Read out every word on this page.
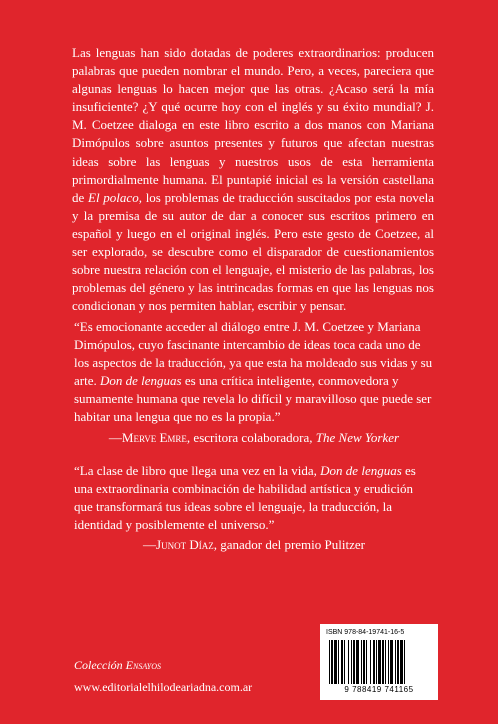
Las lenguas han sido dotadas de poderes extraordinarios: producen palabras que pueden nombrar el mundo. Pero, a veces, pareciera que algunas lenguas lo hacen mejor que las otras. ¿Acaso será la mía insuficiente? ¿Y qué ocurre hoy con el inglés y su éxito mundial? J. M. Coetzee dialoga en este libro escrito a dos manos con Mariana Dimópulos sobre asuntos presentes y futuros que afectan nuestras ideas sobre las lenguas y nuestros usos de esta herramienta primordialmente humana. El puntapié inicial es la versión castellana de El polaco, los problemas de traducción suscitados por esta novela y la premisa de su autor de dar a conocer sus escritos primero en español y luego en el original inglés. Pero este gesto de Coetzee, al ser explorado, se descubre como el disparador de cuestionamientos sobre nuestra relación con el lenguaje, el misterio de las palabras, los problemas del género y las intrincadas formas en que las lenguas nos condicionan y nos permiten hablar, escribir y pensar.

“Es emocionante acceder al diálogo entre J. M. Coetzee y Mariana Dimópulos, cuyo fascinante intercambio de ideas toca cada uno de los aspectos de la traducción, ya que esta ha moldeado sus vidas y su arte. Don de lenguas es una crítica inteligente, conmovedora y sumamente humana que revela lo difícil y maravilloso que puede ser habitar una lengua que no es la propia.”

—Merve Emre, escritora colaboradora, The New Yorker

“La clase de libro que llega una vez en la vida, Don de lenguas es una extraordinaria combinación de habilidad artística y erudición que transformará tus ideas sobre el lenguaje, la traducción, la identidad y posiblemente el universo.”

—Junot Díaz, ganador del premio Pulitzer

ISBN 978-84-19741-16-5
9 788419 741165
Colección Ensayos
www.editorialelhilodeariadna.com.ar
